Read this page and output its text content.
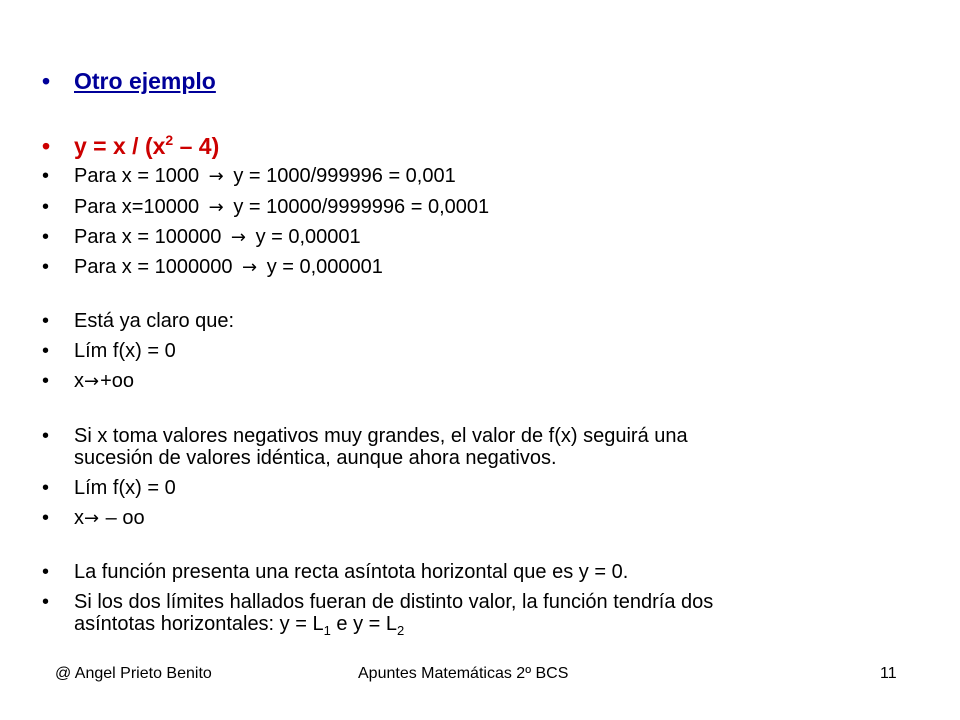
•	Otro ejemplo
•	$y = x / (x^2 - 4)$
•	Para x = 1000 → y = 1000/999996 = 0,001
•	Para x=10000 → y = 10000/9999996 = 0,0001
•	Para x = 100000 → y = 0,00001
•	Para x = 1000000 → y = 0,000001
•	Está ya claro que:
•	Lím f(x) = 0
•	x→+oo
•	Si x toma valores negativos muy grandes, el valor de f(x) seguirá una
sucesión de valores idéntica, aunque ahora negativos.
•	Lím f(x) = 0
•	x→ – oo
•	La función presenta una recta asíntota horizontal que es y = 0.
•	Si los dos límites hallados fueran de distinto valor, la función tendría dos
asíntotas horizontales: $y = L_1$ e $y = L_2$
@ Angel Prieto Benito	Apuntes Matemáticas 2º BCS	11
